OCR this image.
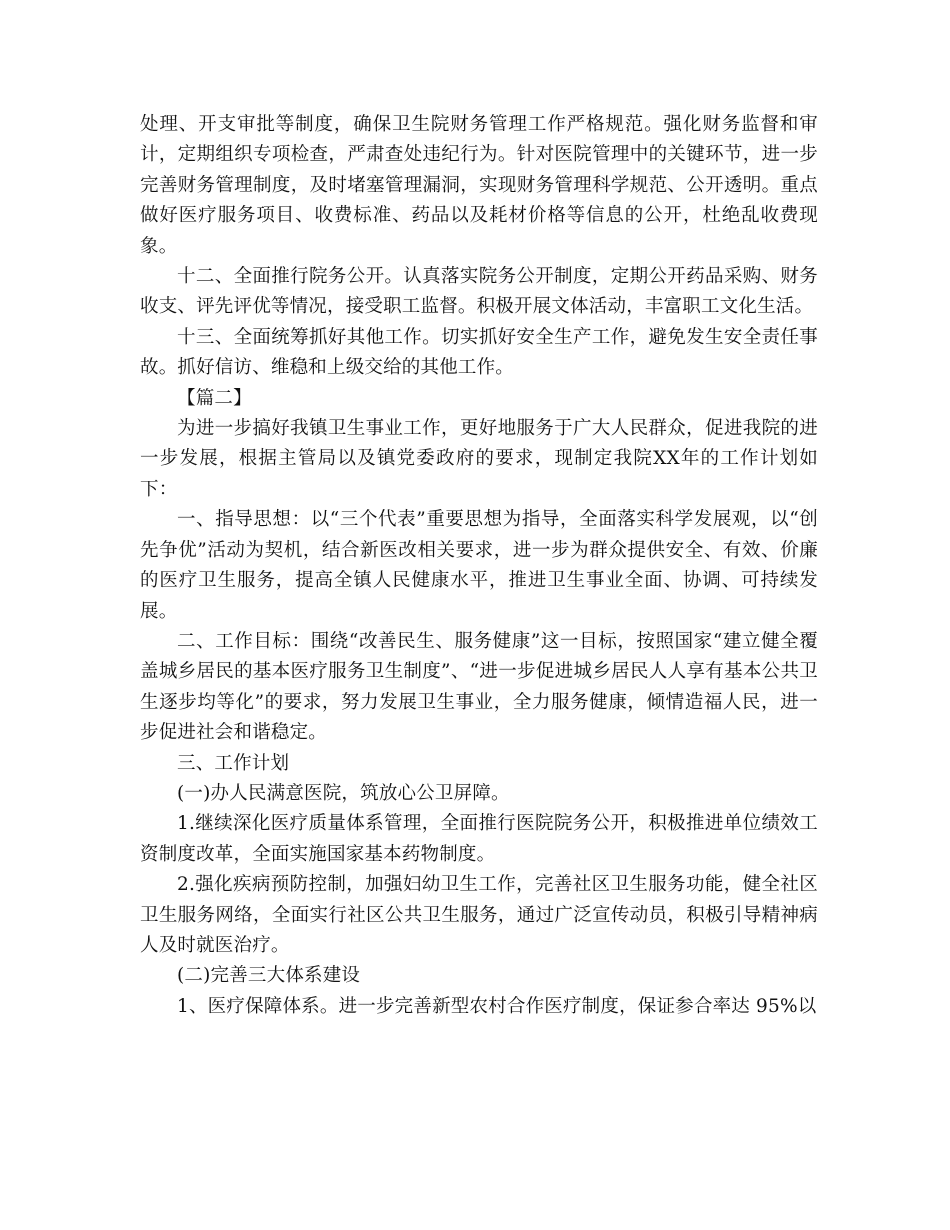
处理、开支审批等制度，确保卫生院财务管理工作严格规范。强化财务监督和审计，定期组织专项检查，严肃查处违纪行为。针对医院管理中的关键环节，进一步完善财务管理制度，及时堵塞管理漏洞，实现财务管理科学规范、公开透明。重点做好医疗服务项目、收费标准、药品以及耗材价格等信息的公开，杜绝乱收费现象。

十二、全面推行院务公开。认真落实院务公开制度，定期公开药品采购、财务收支、评先评优等情况，接受职工监督。积极开展文体活动，丰富职工文化生活。

十三、全面统筹抓好其他工作。切实抓好安全生产工作，避免发生安全责任事故。抓好信访、维稳和上级交给的其他工作。

【篇二】

为进一步搞好我镇卫生事业工作，更好地服务于广大人民群众，促进我院的进一步发展，根据主管局以及镇党委政府的要求，现制定我院XX年的工作计划如下：

一、指导思想：以“三个代表”重要思想为指导，全面落实科学发展观，以“创先争优”活动为契机，结合新医改相关要求，进一步为群众提供安全、有效、价廉的医疗卫生服务，提高全镇人民健康水平，推进卫生事业全面、协调、可持续发展。

二、工作目标：围绕“改善民生、服务健康”这一目标，按照国家“建立健全覆盖城乡居民的基本医疗服务卫生制度”、“进一步促进城乡居民人人享有基本公共卫生逐步均等化”的要求，努力发展卫生事业，全力服务健康，倾情造福人民，进一步促进社会和谐稳定。

三、工作计划

(一)办人民满意医院，筑放心公卫屏障。

1.继续深化医疗质量体系管理，全面推行医院院务公开，积极推进单位绩效工资制度改革，全面实施国家基本药物制度。

2.强化疾病预防控制，加强妇幼卫生工作，完善社区卫生服务功能，健全社区卫生服务网络，全面实行社区公共卫生服务，通过广泛宣传动员，积极引导精神病人及时就医治疗。

(二)完善三大体系建设

1、医疗保障体系。进一步完善新型农村合作医疗制度，保证参合率达 95%以
